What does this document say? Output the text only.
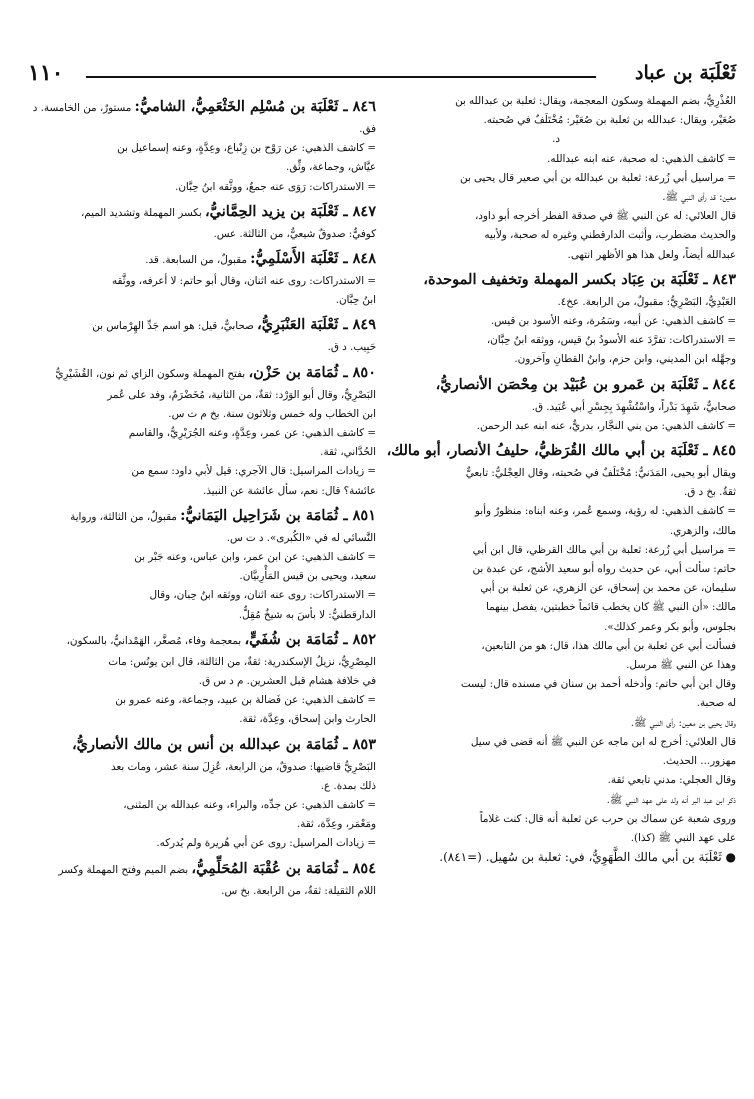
١١٠	ثَعْلَبَة بن عباد

العُذْرِيُّ، بضم المهملة وسكون المعجمة، ويقال: ثعلبة بن عبدالله بن

صُعَيْر، ويقال: عبدالله بن ثعلبة بن صُعَيْر: مُخْتَلَفٌ في صُحبته.

د.

= كاشف الذهبي: له صحبة، عنه ابنه عبدالله.

= مراسيل أبي زُرعة: ثعلبة بن عبدالله بن أبي صعير قال يحيى بن

معين: قد رأى النبي ﷺ.

قال العلائي: له عن النبي ﷺ في صدقة الفطر أخرجه أبو داود،

والحديث مضطرب، وأثبت الدارقطني وغيره له صحبة، ولأبيه

عبدالله أيضاً، ولعل هذا هو الأظهر انتهى.

٨٤٣ ـ ثَعْلَبَة بن عِبَاد بكسر المهملة وتخفيف الموحدة،

العَبْدِيُّ، البَصْرِيُّ: مقبولٌ، من الرابعة. عخ٤.

= كاشف الذهبي: عن أبيه، وسَمُرة، وعنه الأسود بن قيس.

= الاستدراكات: تفرَّدَ عنه الأسودُ بنُ قيس، ووثقه ابنُ حِبَّان،

وجهَّله ابن المديني، وابن حزم، وابنُ القطانِ وآخرون.

٨٤٤ ـ ثَعْلَبَة بن عَمرو بن عُبَيْد بن مِحْصَن الأنصاريُّ،

صحابيٌّ، شَهِدَ بَدْراً، واسْتُشْهِدَ بِجِسْرِ أبي عُبَيد. ق.

= كاشف الذهبي: من بني النجَّار، بدريٌّ، عنه ابنه عبد الرحمن.

٨٤٥ ـ ثَعْلَبَة بن أبي مالك القُرَظيُّ، حليفُ الأنصار، أبو مالك،

ويقال أبو يحيى، المَدَنيُّ: مُخْتَلَفٌ في صُحبته، وقال العِجْليُّ: تابعيٌّ

ثقةٌ. بخ د ق.

= كاشف الذهبي: له رؤية، وسمع عُمر، وعنه ابناه: منظورٌ وأبو

مالك، والزهري.

= مراسيل أبي زُرعة: ثعلبة بن أبي مالك القرظي، قال ابن أبي

حاتم: سألت أبي، عن حديث رواه أبو سعيد الأشج، عن عبدة بن

سليمان، عن محمد بن إسحاق، عن الزهري، عن ثعلبة بن أبي

مالك: «أن النبي ﷺ كان يخطب قائماً خطبتين، يفصل بينهما

بجلوس، وأبو بكر وعمر كذلك».

فسألت أبي عن ثعلبة بن أبي مالك هذا، قال: هو من التابعين،

وهذا عن النبي ﷺ مرسل.

وقال ابن أبي حاتم: وأدخله أحمد بن سنان في مسنده قال: ليست

له صحبة.

وقال يحيى بن معين: رأى النبي ﷺ.

قال العلائي: أخرج له ابن ماجه عن النبي ﷺ أنه قضى في سيل

مهزور... الحديث.

وقال العجلي: مدني تابعي ثقة.

ذكر ابن عبد البر أنه ولد على عهد النبي ﷺ.

وروى شعبة عن سماك بن حرب عن ثعلبة أنه قال: كنت غلاماً

على عهد النبي ﷺ (كذا).

● ثَعْلَبَة بن أبي مالك الطَّهَوِيُّ، في: ثعلبة بن سُهيل. (=٨٤١).

٨٤٦ ـ ثَعْلَبَة بن مُسْلِم الخَثْعَمِيُّ، الشاميُّ: مستورٌ، من الخامسة. د

فق.

= كاشف الذهبي: عن رَوْح بن زِنْباع، وعِدَّةٍ، وعنه إسماعيل بن

عيَّاش، وجماعة، وثِّق.

= الاستدراكات: رَوَى عنه جمعٌ، ووثَّقه ابنُ حِبَّان.

٨٤٧ ـ ثَعْلَبَة بن يزيد الحِمَّانيُّ، بكسر المهملة وتشديد الميم،

كوفيٌّ: صدوقٌ شيعيٌّ، من الثالثة. عس.

٨٤٨ ـ ثَعْلَبَة الأَسْلَمِيُّ: مقبولٌ، من السابعة. قد.

= الاستدراكات: روى عنه اثنان، وقال أبو حاتم: لا أعرفه، ووثَّقه

ابنُ حِبَّان.

٨٤٩ ـ ثَعْلَبَة العَنْبَرِيُّ، صحابيٌّ، قيل: هو اسم جَدِّ الهِرْماس بن

حَبِيب. د ق.

٨٥٠ ـ ثُمَامَة بن حَزْن، بفتح المهملة وسكون الزاي ثم نون، القُشَيْرِيُّ

البَصْرِيُّ، وقال أبو الوَرْد: ثقةٌ، من الثانية، مُخَضْرَمٌ، وفد على عُمر

ابن الخطاب وله خمس وثلاثون سنة. بخ م ت س.

= كاشف الذهبي: عن عمر، وعِدَّةٍ، وعنه الجُرَيْرِيُّ، والقاسم

الحُدَّاني، ثقة.

= زيادات المراسيل: قال الآجري: قيل لأبي داود: سمع من

عائشة؟ قال: نعم، سأل عائشة عن النبيذ.

٨٥١ ـ ثُمَامَة بن شَرَاحِيل اليَمَانيُّ: مقبولٌ، من الثالثة، ورواية

النَّسائي له في «الكُبرى». د ت س.

= كاشف الذهبي: عن ابن عمر، وابن عباس، وعنه جَبْر بن

سعيد، ويحيى بن قيس المَأْرِبيَّان.

= الاستدراكات: روى عنه اثنان، ووثقه ابنُ حِبان، وقال

الدارقطنيُّ: لا بأسَ به شيخٌ مُقِلٌّ.

٨٥٢ ـ ثُمَامَة بن شُفَيٍّ، بمعجمة وفاء، مُصغَّر، الهَمْدانيُّ، بالسكون،

المِصْرِيُّ، نزيلُ الإسكندرية: ثقةٌ، من الثالثة، قال ابن يونُس: مات

في خلافة هشام قبل العشرين. م د س ق.

= كاشف الذهبي: عن فَضالة بن عبيد، وجماعة، وعنه عمرو بن

الحارث وابن إسحاق، وعِدَّة، ثقة.

٨٥٣ ـ ثُمَامَة بن عبدالله بن أنس بن مالك الأنصاريُّ،

البَصْرِيُّ قاضيها: صدوقٌ، من الرابعة، عُزِلَ سنة عشر، ومات بعد

ذلك بمدة. ع.

= كاشف الذهبي: عن جدِّه، والبراء، وعنه عبدالله بن المثنى،

ومَعْمَر، وعِدَّة، ثقة.

= زيادات المراسيل: روى عن أبي هُريرة ولم يُدركه.

٨٥٤ ـ ثُمَامَة بن عُقْبَة المُحَلِّمِيُّ، بضم الميم وفتح المهملة وكسر

اللام الثقيلة: ثقةٌ، من الرابعة. بخ س.
